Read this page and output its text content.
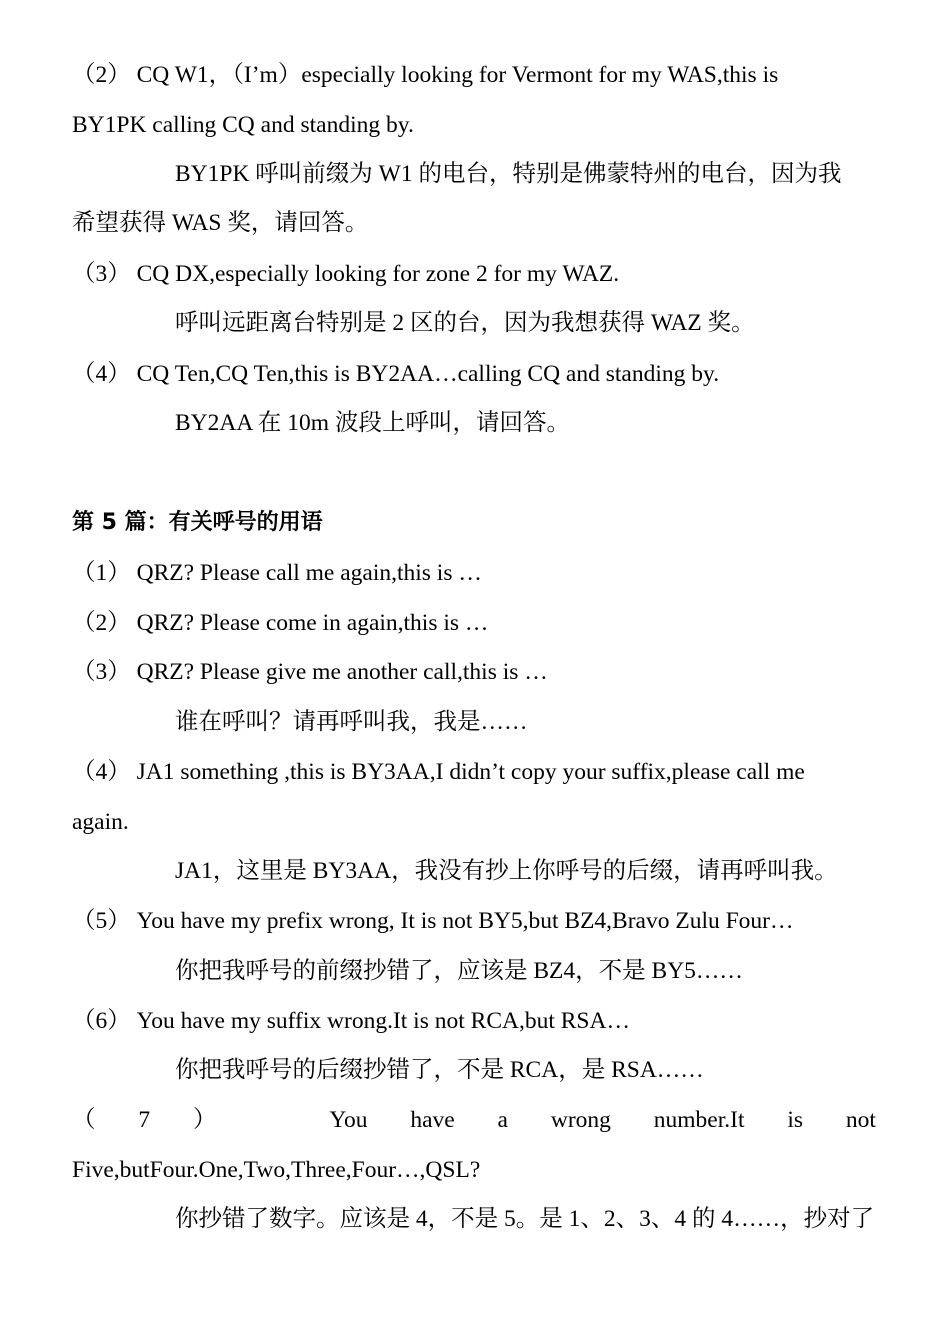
（2） CQ W1，（I’m）especially looking for Vermont for my WAS,this is
BY1PK calling CQ and standing by.
BY1PK 呼叫前缀为 W1 的电台，特别是佛蒙特州的电台，因为我
希望获得 WAS 奖，请回答。
（3） CQ DX,especially looking for zone 2 for my WAZ.
呼叫远距离台特别是 2 区的台，因为我想获得 WAZ 奖。
（4） CQ Ten,CQ Ten,this is BY2AA…calling CQ and standing by.
BY2AA 在 10m 波段上呼叫，请回答。
第 5 篇：有关呼号的用语
（1） QRZ? Please call me again,this is …
（2） QRZ? Please come in again,this is …
（3） QRZ? Please give me another call,this is …
谁在呼叫？请再呼叫我，我是……
（4） JA1 something ,this is BY3AA,I didn’t copy your suffix,please call me
again.
JA1，这里是 BY3AA，我没有抄上你呼号的后缀，请再呼叫我。
（5） You have my prefix wrong, It is not BY5,but BZ4,Bravo Zulu Four…
你把我呼号的前缀抄错了，应该是 BZ4，不是 BY5……
（6） You have my suffix wrong.It is not RCA,but RSA…
你把我呼号的后缀抄错了，不是 RCA，是 RSA……
（ 7 ）	You have a wrong number.It is not
Five,butFour.One,Two,Three,Four…,QSL?
你抄错了数字。应该是 4，不是 5。是 1、2、3、4 的 4……，抄对了
